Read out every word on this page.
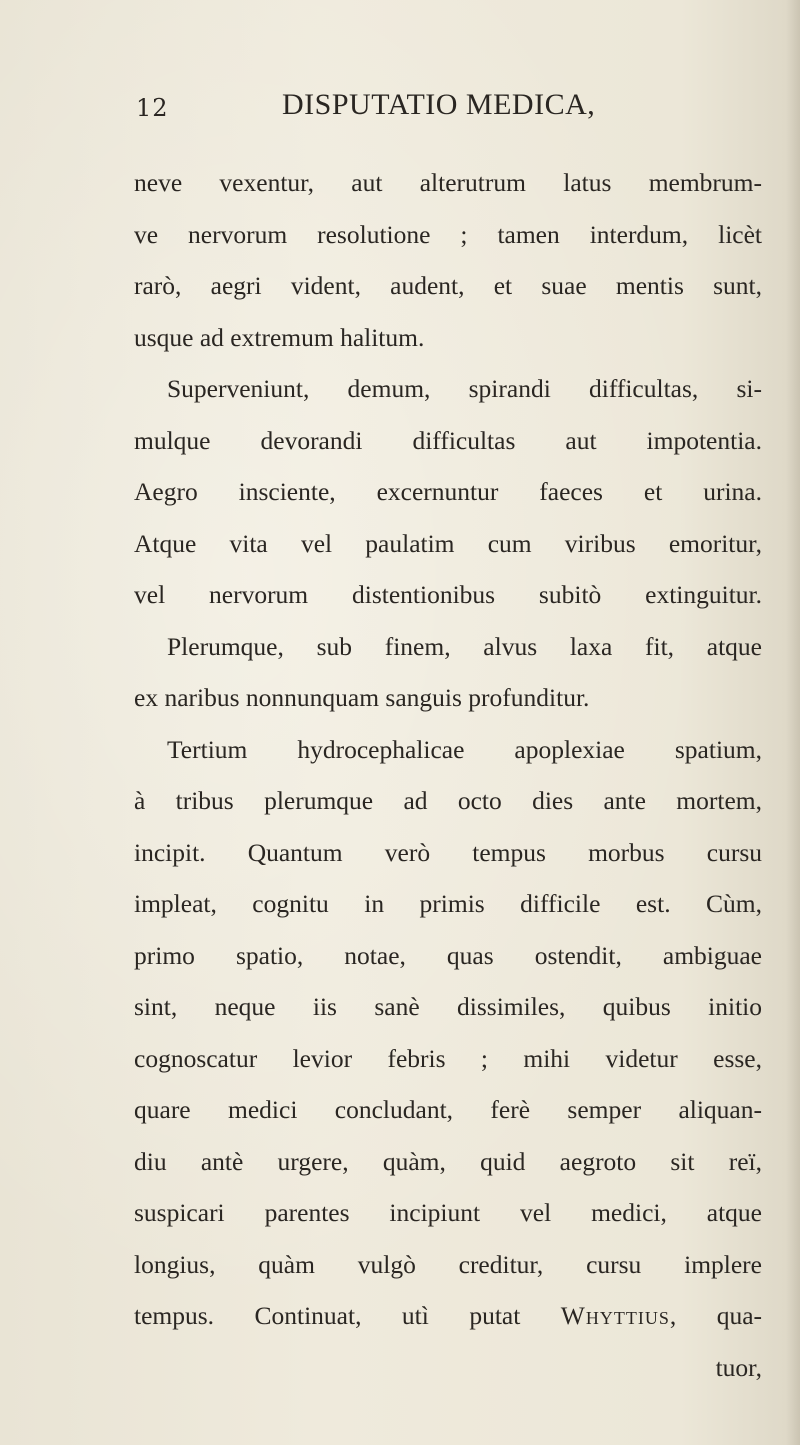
12	DISPUTATIO MEDICA,
neve vexentur, aut alterutrum latus membrum-
ve nervorum resolutione ; tamen interdum, licèt
rarò, aegri vident, audent, et suae mentis sunt,
usque ad extremum halitum.
Superveniunt, demum, spirandi difficultas, si-
mulque devorandi difficultas aut impotentia.
Aegro insciente, excernuntur faeces et urina.
Atque vita vel paulatim cum viribus emoritur,
vel nervorum distentionibus subitò extinguitur.
Plerumque, sub finem, alvus laxa fit, atque
ex naribus nonnunquam sanguis profunditur.
Tertium hydrocephalicae apoplexiae spatium,
à tribus plerumque ad octo dies ante mortem,
incipit. Quantum verò tempus morbus cursu
impleat, cognitu in primis difficile est. Cùm,
primo spatio, notae, quas ostendit, ambiguae
sint, neque iis sanè dissimiles, quibus initio
cognoscatur levior febris ; mihi videtur esse,
quare medici concludant, ferè semper aliquan-
diu antè urgere, quàm, quid aegroto sit reï,
suspicari parentes incipiunt vel medici, atque
longius, quàm vulgò creditur, cursu implere
tempus. Continuat, utì putat Whyttius, qua-
tuor,
